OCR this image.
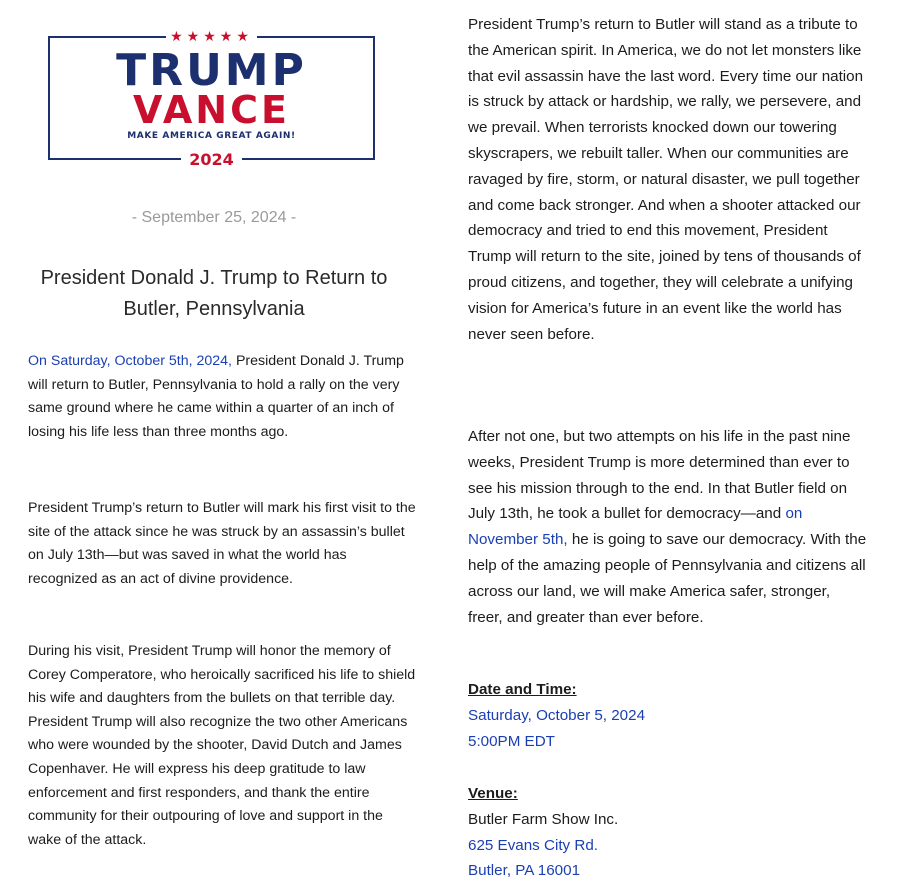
★★★★★
TRUMP
VANCE
MAKE AMERICA GREAT AGAIN!
2024
- September 25, 2024 -
President Donald J. Trump to Return to Butler, Pennsylvania

On Saturday, October 5th, 2024, President Donald J. Trump will return to Butler, Pennsylvania to hold a rally on the very same ground where he came within a quarter of an inch of losing his life less than three months ago.

President Trump’s return to Butler will mark his first visit to the site of the attack since he was struck by an assassin’s bullet on July 13th—but was saved in what the world has recognized as an act of divine providence.

During his visit, President Trump will honor the memory of Corey Comperatore, who heroically sacrificed his life to shield his wife and daughters from the bullets on that terrible day. President Trump will also recognize the two other Americans who were wounded by the shooter, David Dutch and James Copenhaver. He will express his deep gratitude to law enforcement and first responders, and thank the entire community for their outpouring of love and support in the wake of the attack.

President Trump’s return to Butler will stand as a tribute to the American spirit. In America, we do not let monsters like that evil assassin have the last word. Every time our nation is struck by attack or hardship, we rally, we persevere, and we prevail. When terrorists knocked down our towering skyscrapers, we rebuilt taller. When our communities are ravaged by fire, storm, or natural disaster, we pull together and come back stronger. And when a shooter attacked our democracy and tried to end this movement, President Trump will return to the site, joined by tens of thousands of proud citizens, and together, they will celebrate a unifying vision for America’s future in an event like the world has never seen before.

After not one, but two attempts on his life in the past nine weeks, President Trump is more determined than ever to see his mission through to the end. In that Butler field on July 13th, he took a bullet for democracy—and on November 5th, he is going to save our democracy. With the help of the amazing people of Pennsylvania and citizens all across our land, we will make America safer, stronger, freer, and greater than ever before.

Date and Time:
Saturday, October 5, 2024
5:00PM EDT
Venue:
Butler Farm Show Inc.
625 Evans City Rd.
Butler, PA 16001
